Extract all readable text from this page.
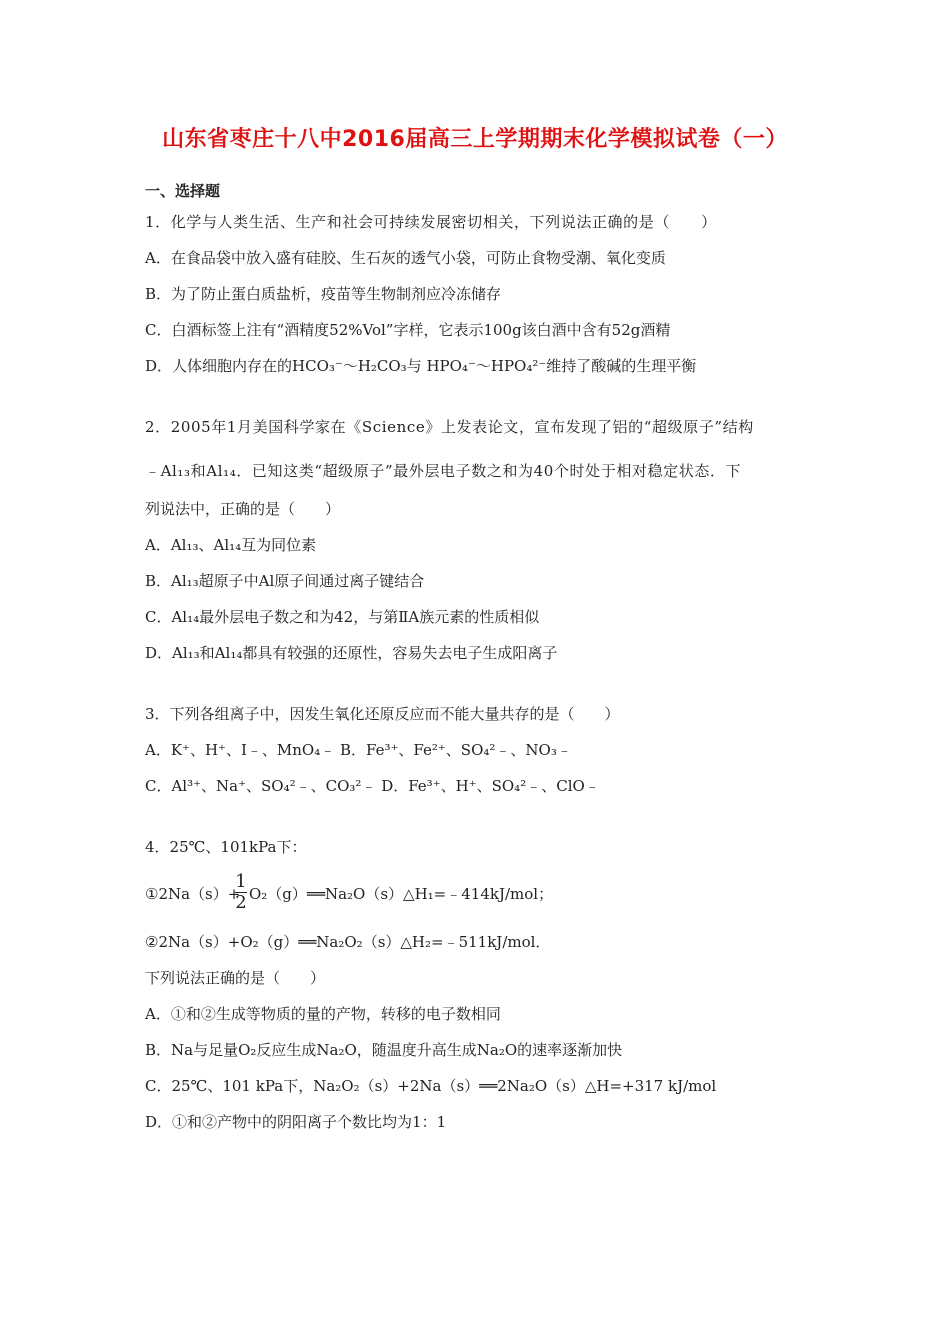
山东省枣庄十八中2016届高三上学期期末化学模拟试卷（一）
一、选择题
1．化学与人类生活、生产和社会可持续发展密切相关，下列说法正确的是（　　）
A．在食品袋中放入盛有硅胶、生石灰的透气小袋，可防止食物受潮、氧化变质
B．为了防止蛋白质盐析，疫苗等生物制剂应冷冻储存
C．白酒标签上注有“酒精度52%Vol”字样，它表示100g该白酒中含有52g酒精
D．人体细胞内存在的HCO₃⁻～H₂CO₃与 HPO₄⁻～HPO₄²⁻维持了酸碱的生理平衡
2．2005年1月美国科学家在《Science》上发表论文，宣布发现了铝的“超级原子”结构
﹣Al₁₃和Al₁₄．已知这类“超级原子”最外层电子数之和为40个时处于相对稳定状态．下
列说法中，正确的是（　　）
A．Al₁₃、Al₁₄互为同位素
B．Al₁₃超原子中Al原子间通过离子键结合
C．Al₁₄最外层电子数之和为42，与第ⅡA族元素的性质相似
D．Al₁₃和Al₁₄都具有较强的还原性，容易失去电子生成阳离子
3．下列各组离子中，因发生氧化还原反应而不能大量共存的是（　　）
A．K⁺、H⁺、I﹣、MnO₄﹣ B．Fe³⁺、Fe²⁺、SO₄²﹣、NO₃﹣
C．Al³⁺、Na⁺、SO₄²﹣、CO₃²﹣ D．Fe³⁺、H⁺、SO₄²﹣、ClO﹣
4．25℃、101kPa下：
①2Na（s）+
1
2 O₂（g）══Na₂O（s）△H₁=﹣414kJ/mol；
②2Na（s）+O₂（g）══Na₂O₂（s）△H₂=﹣511kJ/mol．
下列说法正确的是（　　）
A．①和②生成等物质的量的产物，转移的电子数相同
B．Na与足量O₂反应生成Na₂O，随温度升高生成Na₂O的速率逐渐加快
C．25℃、101 kPa下，Na₂O₂（s）+2Na（s）══2Na₂O（s）△H=+317 kJ/mol
D．①和②产物中的阴阳离子个数比均为1：1
